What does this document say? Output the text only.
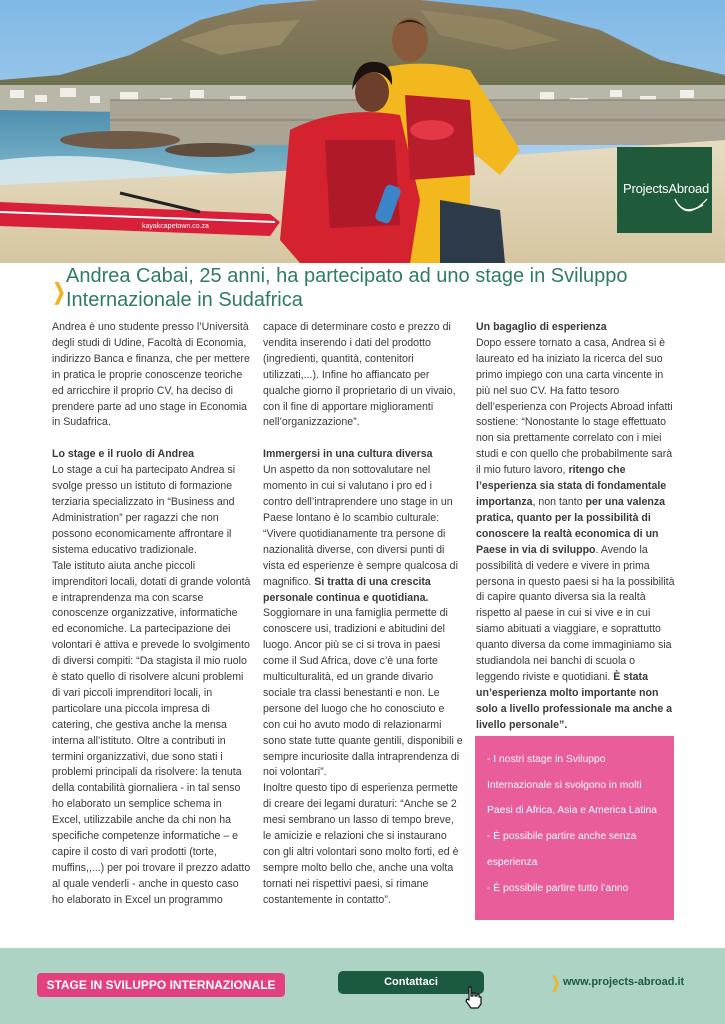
kayakcapetown.co.za
ProjectsAbroad
❯
Andrea Cabai, 25 anni, ha partecipato ad uno stage in Sviluppo Internazionale in Sudafrica

Andrea è uno studente presso l’Università degli studi di Udine, Facoltà di Economia, indirizzo Banca e finanza, che per mettere in pratica le proprie conoscenze teoriche ed arricchire il proprio CV, ha deciso di prendere parte ad uno stage in Economia in Sudafrica.

Lo stage e il ruolo di Andrea

Lo stage a cui ha partecipato Andrea si svolge presso un istituto di formazione terziaria specializzato in “Business and Administration” per ragazzi che non possono economicamente affrontare il sistema educativo tradizionale.

Tale istituto aiuta anche piccoli imprenditori locali, dotati di grande volontà e intraprendenza ma con scarse conoscenze organizzative, informatiche ed economiche. La partecipazione dei volontari è attiva e prevede lo svolgimento di diversi compiti: “Da stagista il mio ruolo è stato quello di risolvere alcuni problemi di vari piccoli imprenditori locali, in particolare una piccola impresa di catering, che gestiva anche la mensa interna all’istituto. Oltre a contributi in termini organizzativi, due sono stati i problemi principali da risolvere: la tenuta della contabilità giornaliera - in tal senso ho elaborato un semplice schema in Excel, utilizzabile anche da chi non ha specifiche competenze informatiche – e capire il costo di vari prodotti (torte, muffins,,...) per poi trovare il prezzo adatto al quale venderli - anche in questo caso ho elaborato in Excel un programmo

capace di determinare costo e prezzo di vendita inserendo i dati del prodotto (ingredienti, quantità, contenitori utilizzati,...). Infine ho affiancato per qualche giorno il proprietario di un vivaio, con il fine di apportare miglioramenti nell’organizzazione”.

Immergersi in una cultura diversa

Un aspetto da non sottovalutare nel momento in cui si valutano i pro ed i contro dell’intraprendere uno stage in un Paese lontano è lo scambio culturale: “Vivere quotidianamente tra persone di nazionalità diverse, con diversi punti di vista ed esperienze è sempre qualcosa di magnifico. Si tratta di una crescita personale continua e quotidiana. Soggiornare in una famiglia permette di conoscere usi, tradizioni e abitudini del luogo. Ancor più se ci si trova in paesi come il Sud Africa, dove c’è una forte multiculturalità, ed un grande divario sociale tra classi benestanti e non. Le persone del luogo che ho conosciuto e con cui ho avuto modo di relazionarmi sono state tutte quante gentili, disponibili e sempre incuriosite dalla intraprendenza di noi volontari”.

Inoltre questo tipo di esperienza permette di creare dei legami duraturi: “Anche se 2 mesi sembrano un lasso di tempo breve, le amicizie e relazioni che si instaurano con gli altri volontari sono molto forti, ed è sempre molto bello che, anche una volta tornati nei rispettivi paesi, si rimane costantemente in contatto”.

Un bagaglio di esperienza

Dopo essere tornato a casa, Andrea si è laureato ed ha iniziato la ricerca del suo primo impiego con una carta vincente in più nel suo CV. Ha fatto tesoro dell’esperienza con Projects Abroad infatti sostiene: “Nonostante lo stage effettuato non sia prettamente correlato con i miei studi e con quello che probabilmente sarà il mio futuro lavoro, ritengo che l’esperienza sia stata di fondamentale importanza, non tanto per una valenza pratica, quanto per la possibilità di conoscere la realtà economica di un Paese in via di sviluppo. Avendo la possibilità di vedere e vivere in prima persona in questo paesi si ha la possibilità di capire quanto diversa sia la realtà rispetto al paese in cui si vive e in cui siamo abituati a viaggiare, e soprattutto quanto diversa da come immaginiamo sia studiandola nei banchi di scuola o leggendo riviste e quotidiani. È stata un’esperienza molto importante non solo a livello professionale ma anche a livello personale”.

- I nostri stage in Sviluppo
Internazionale si svolgono in molti
Paesi di Africa, Asia e America Latina
- È possibile partire anche senza
esperienza
- È possibile partire tutto l’anno
STAGE IN SVILUPPO INTERNAZIONALE	Contattaci	❯ www.projects-abroad.it
